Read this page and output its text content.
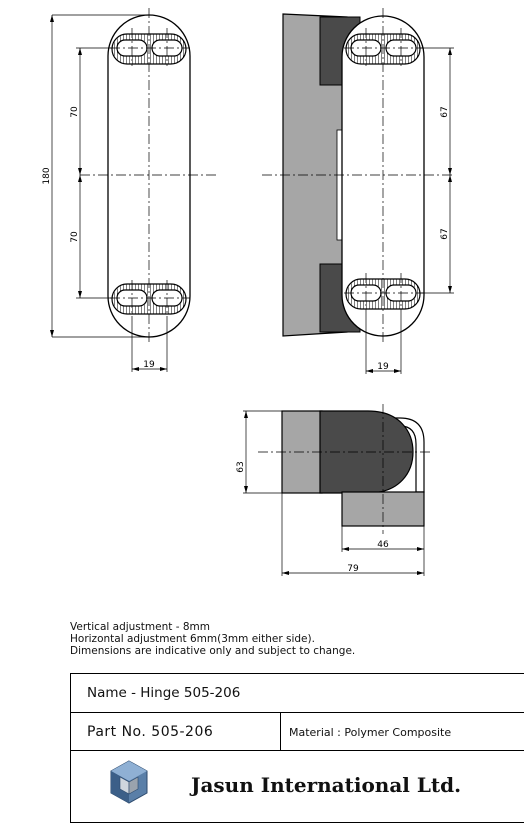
180
70
70
19
67
67
19
63
46
79
Vertical adjustment - 8mm
Horizontal adjustment 6mm(3mm either side).
Dimensions are indicative only and subject to change.
Name - Hinge 505-206
Part No. 505-206	Material : Polymer Composite
Jasun International Ltd.
